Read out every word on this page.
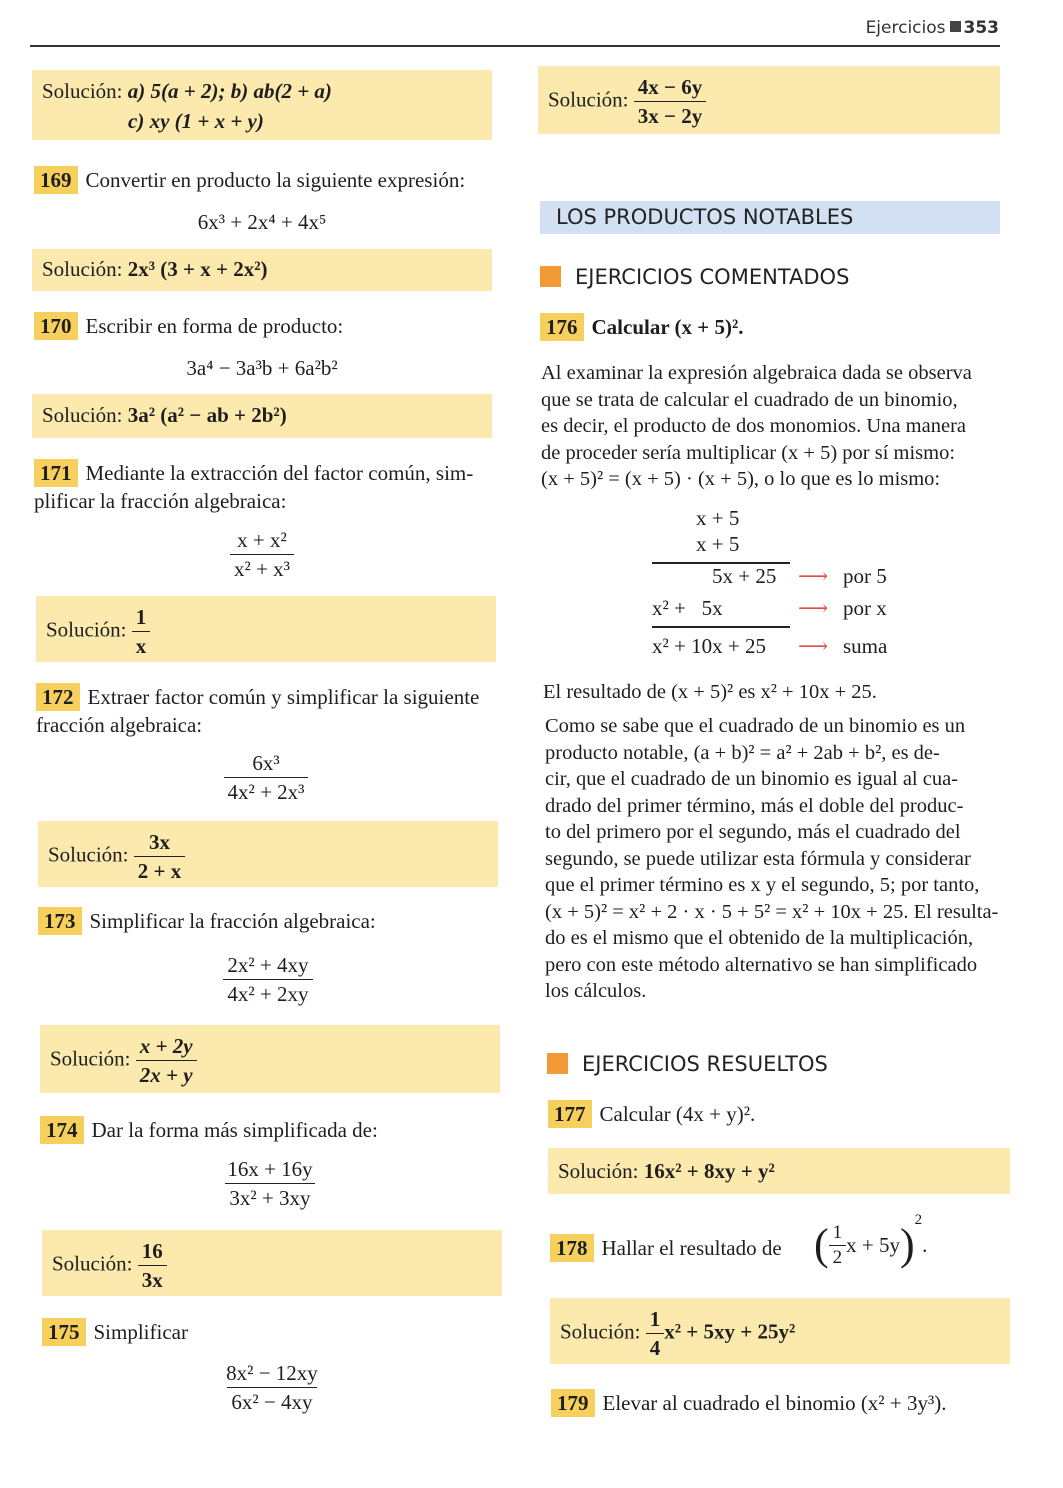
Ejercicios 353
Solución: a) 5(a + 2); b) ab(2 + a)
c) xy (1 + x + y)
169 Convertir en producto la siguiente expresión:
6x³ + 2x⁴ + 4x⁵
Solución: 2x³ (3 + x + 2x²)
170 Escribir en forma de producto:
3a⁴ − 3a³b + 6a²b²
Solución: 3a² (a² − ab + 2b²)
171 Mediante la extracción del factor común, sim-
plificar la fracción algebraica:
$\frac{\text{x + x²}}{\text{x² + x³}}$
Solución: $\frac{1}{x}$
172 Extraer factor común y simplificar la siguiente
fracción algebraica:
$\frac{\text{6x³}}{\text{4x² + 2x³}}$
Solución: $\frac{3x}{2 + x}$
173 Simplificar la fracción algebraica:
$\frac{\text{2x² + 4xy}}{\text{4x² + 2xy}}$
Solución: $\frac{x + 2y}{2x + y}$
174 Dar la forma más simplificada de:
$\frac{16x + 16y}{\text{3x² + 3xy}}$
Solución: $\frac{16}{3x}$
175 Simplificar
$\frac{\text{8x² − 12xy}}{\text{6x² − 4xy}}$
Solución: $\frac{4x - 6y}{3x - 2y}$
LOS PRODUCTOS NOTABLES
EJERCICIOS COMENTADOS
176 Calcular (x + 5)².
Al examinar la expresión algebraica dada se observa
que se trata de calcular el cuadrado de un binomio,
es decir, el producto de dos monomios. Una manera
de proceder sería multiplicar (x + 5) por sí mismo:
(x + 5)² = (x + 5) · (x + 5), o lo que es lo mismo:
x + 5
x + 5
5x + 25 ⟶ por 5
x² +   5x	⟶ por x
x² + 10x + 25 ⟶ suma
El resultado de (x + 5)² es x² + 10x + 25.
Como se sabe que el cuadrado de un binomio es un
producto notable, (a + b)² = a² + 2ab + b², es de-
cir, que el cuadrado de un binomio es igual al cua-
drado del primer término, más el doble del produc-
to del primero por el segundo, más el cuadrado del
segundo, se puede utilizar esta fórmula y considerar
que el primer término es x y el segundo, 5; por tanto,
(x + 5)² = x² + 2 · x · 5 + 5² = x² + 10x + 25. El resulta-
do es el mismo que el obtenido de la multiplicación,
pero con este método alternativo se han simplificado
los cálculos.
EJERCICIOS RESUELTOS
177 Calcular (4x + y)².
Solución: 16x² + 8xy + y²
178 Hallar el resultado de ( $\frac{1}{2}$ x + 5y ) 2
.
Solución: $\frac{1}{4} x^2 + 5xy + 25y^2$
179 Elevar al cuadrado el binomio (x² + 3y³).
